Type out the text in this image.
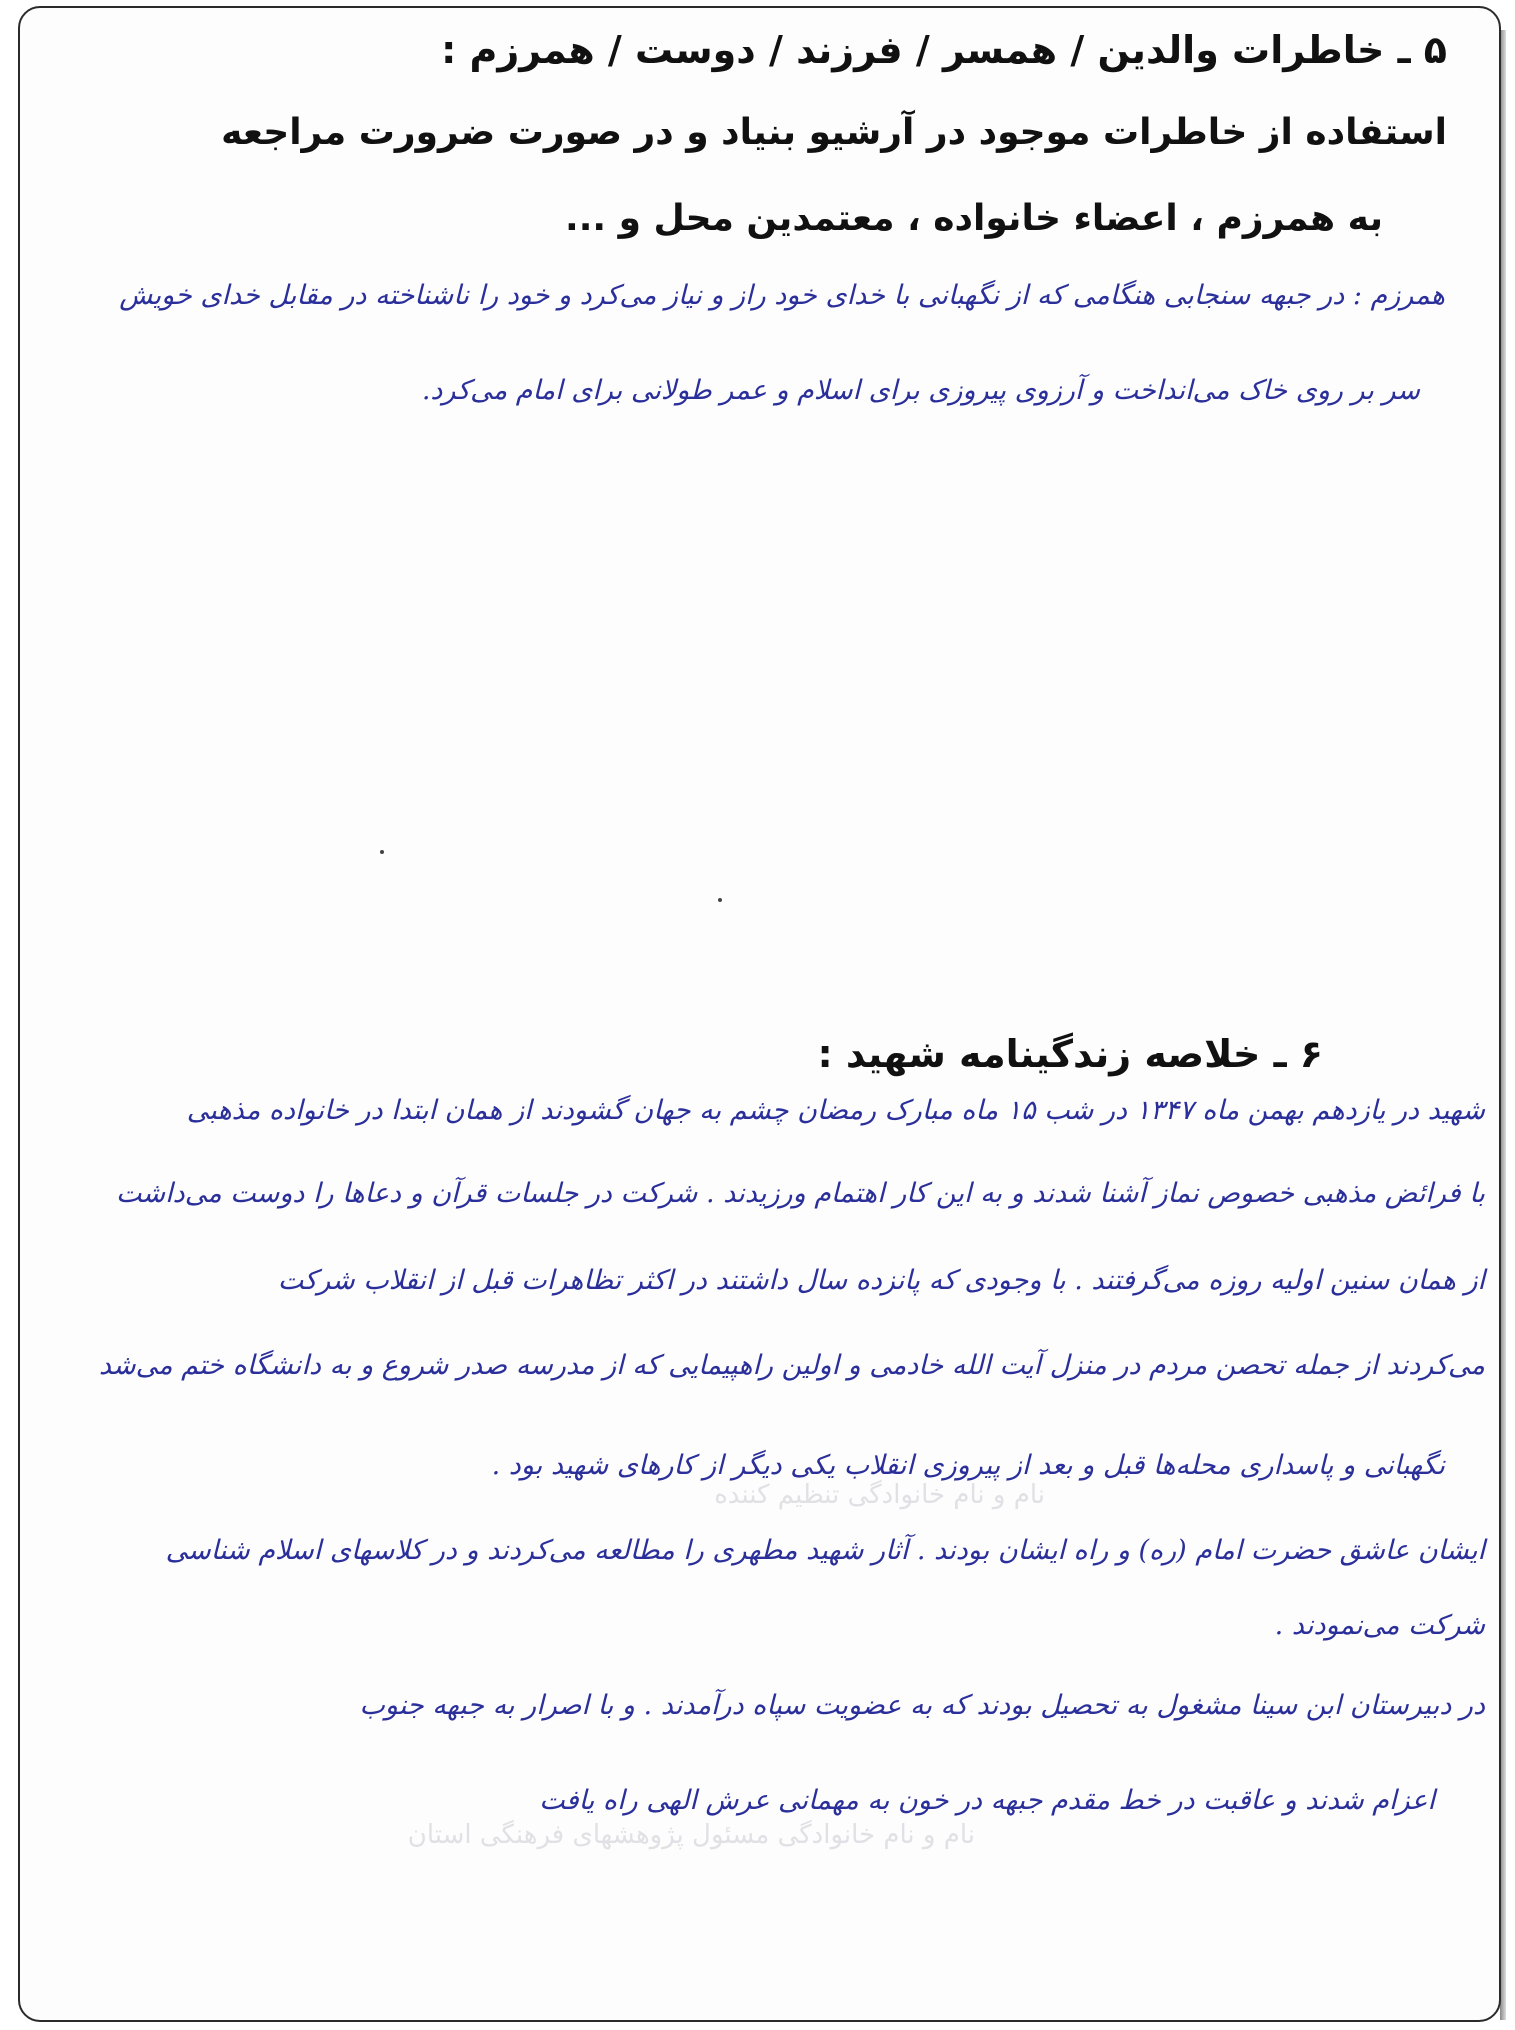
نام و نام خانوادگی تنظیم کننده
نام و نام خانوادگی مسئول پژوهشهای فرهنگی استان
۵ ـ خاطرات والدین / همسر / فرزند / دوست / همرزم :
استفاده از خاطرات موجود در آرشیو بنیاد و در صورت ضرورت مراجعه
به همرزم ، اعضاء خانواده ، معتمدین محل و ...
همرزم : در جبهه سنجابی هنگامی که از نگهبانی با خدای خود راز و نیاز می‌کرد و خود را ناشناخته در مقابل خدای خویش
سر بر روی خاک می‌انداخت و آرزوی پیروزی برای اسلام و عمر طولانی برای امام می‌کرد.
۶ ـ خلاصه زندگینامه شهید :
شهید در یازدهم بهمن ماه ۱۳۴۷ در شب ۱۵ ماه مبارک رمضان چشم به جهان گشودند از همان ابتدا در خانواده مذهبی
با فرائض مذهبی خصوص نماز آشنا شدند و به این کار اهتمام ورزیدند . شرکت در جلسات قرآن و دعاها را دوست می‌داشت
از همان سنین اولیه روزه می‌گرفتند . با وجودی که پانزده سال داشتند در اکثر تظاهرات قبل از انقلاب شرکت
می‌کردند از جمله تحصن مردم در منزل آیت الله خادمی و اولین راهپیمایی که از مدرسه صدر شروع و به دانشگاه ختم می‌شد
نگهبانی و پاسداری محله‌ها قبل و بعد از پیروزی انقلاب یکی دیگر از کارهای شهید بود .
ایشان عاشق حضرت امام (ره) و راه ایشان بودند . آثار شهید مطهری را مطالعه می‌کردند و در کلاسهای اسلام شناسی
شرکت می‌نمودند .
در دبیرستان ابن سینا مشغول به تحصیل بودند که به عضویت سپاه درآمدند . و با اصرار به جبهه جنوب
اعزام شدند و عاقبت در خط مقدم جبهه در خون به مهمانی عرش الهی راه یافت
